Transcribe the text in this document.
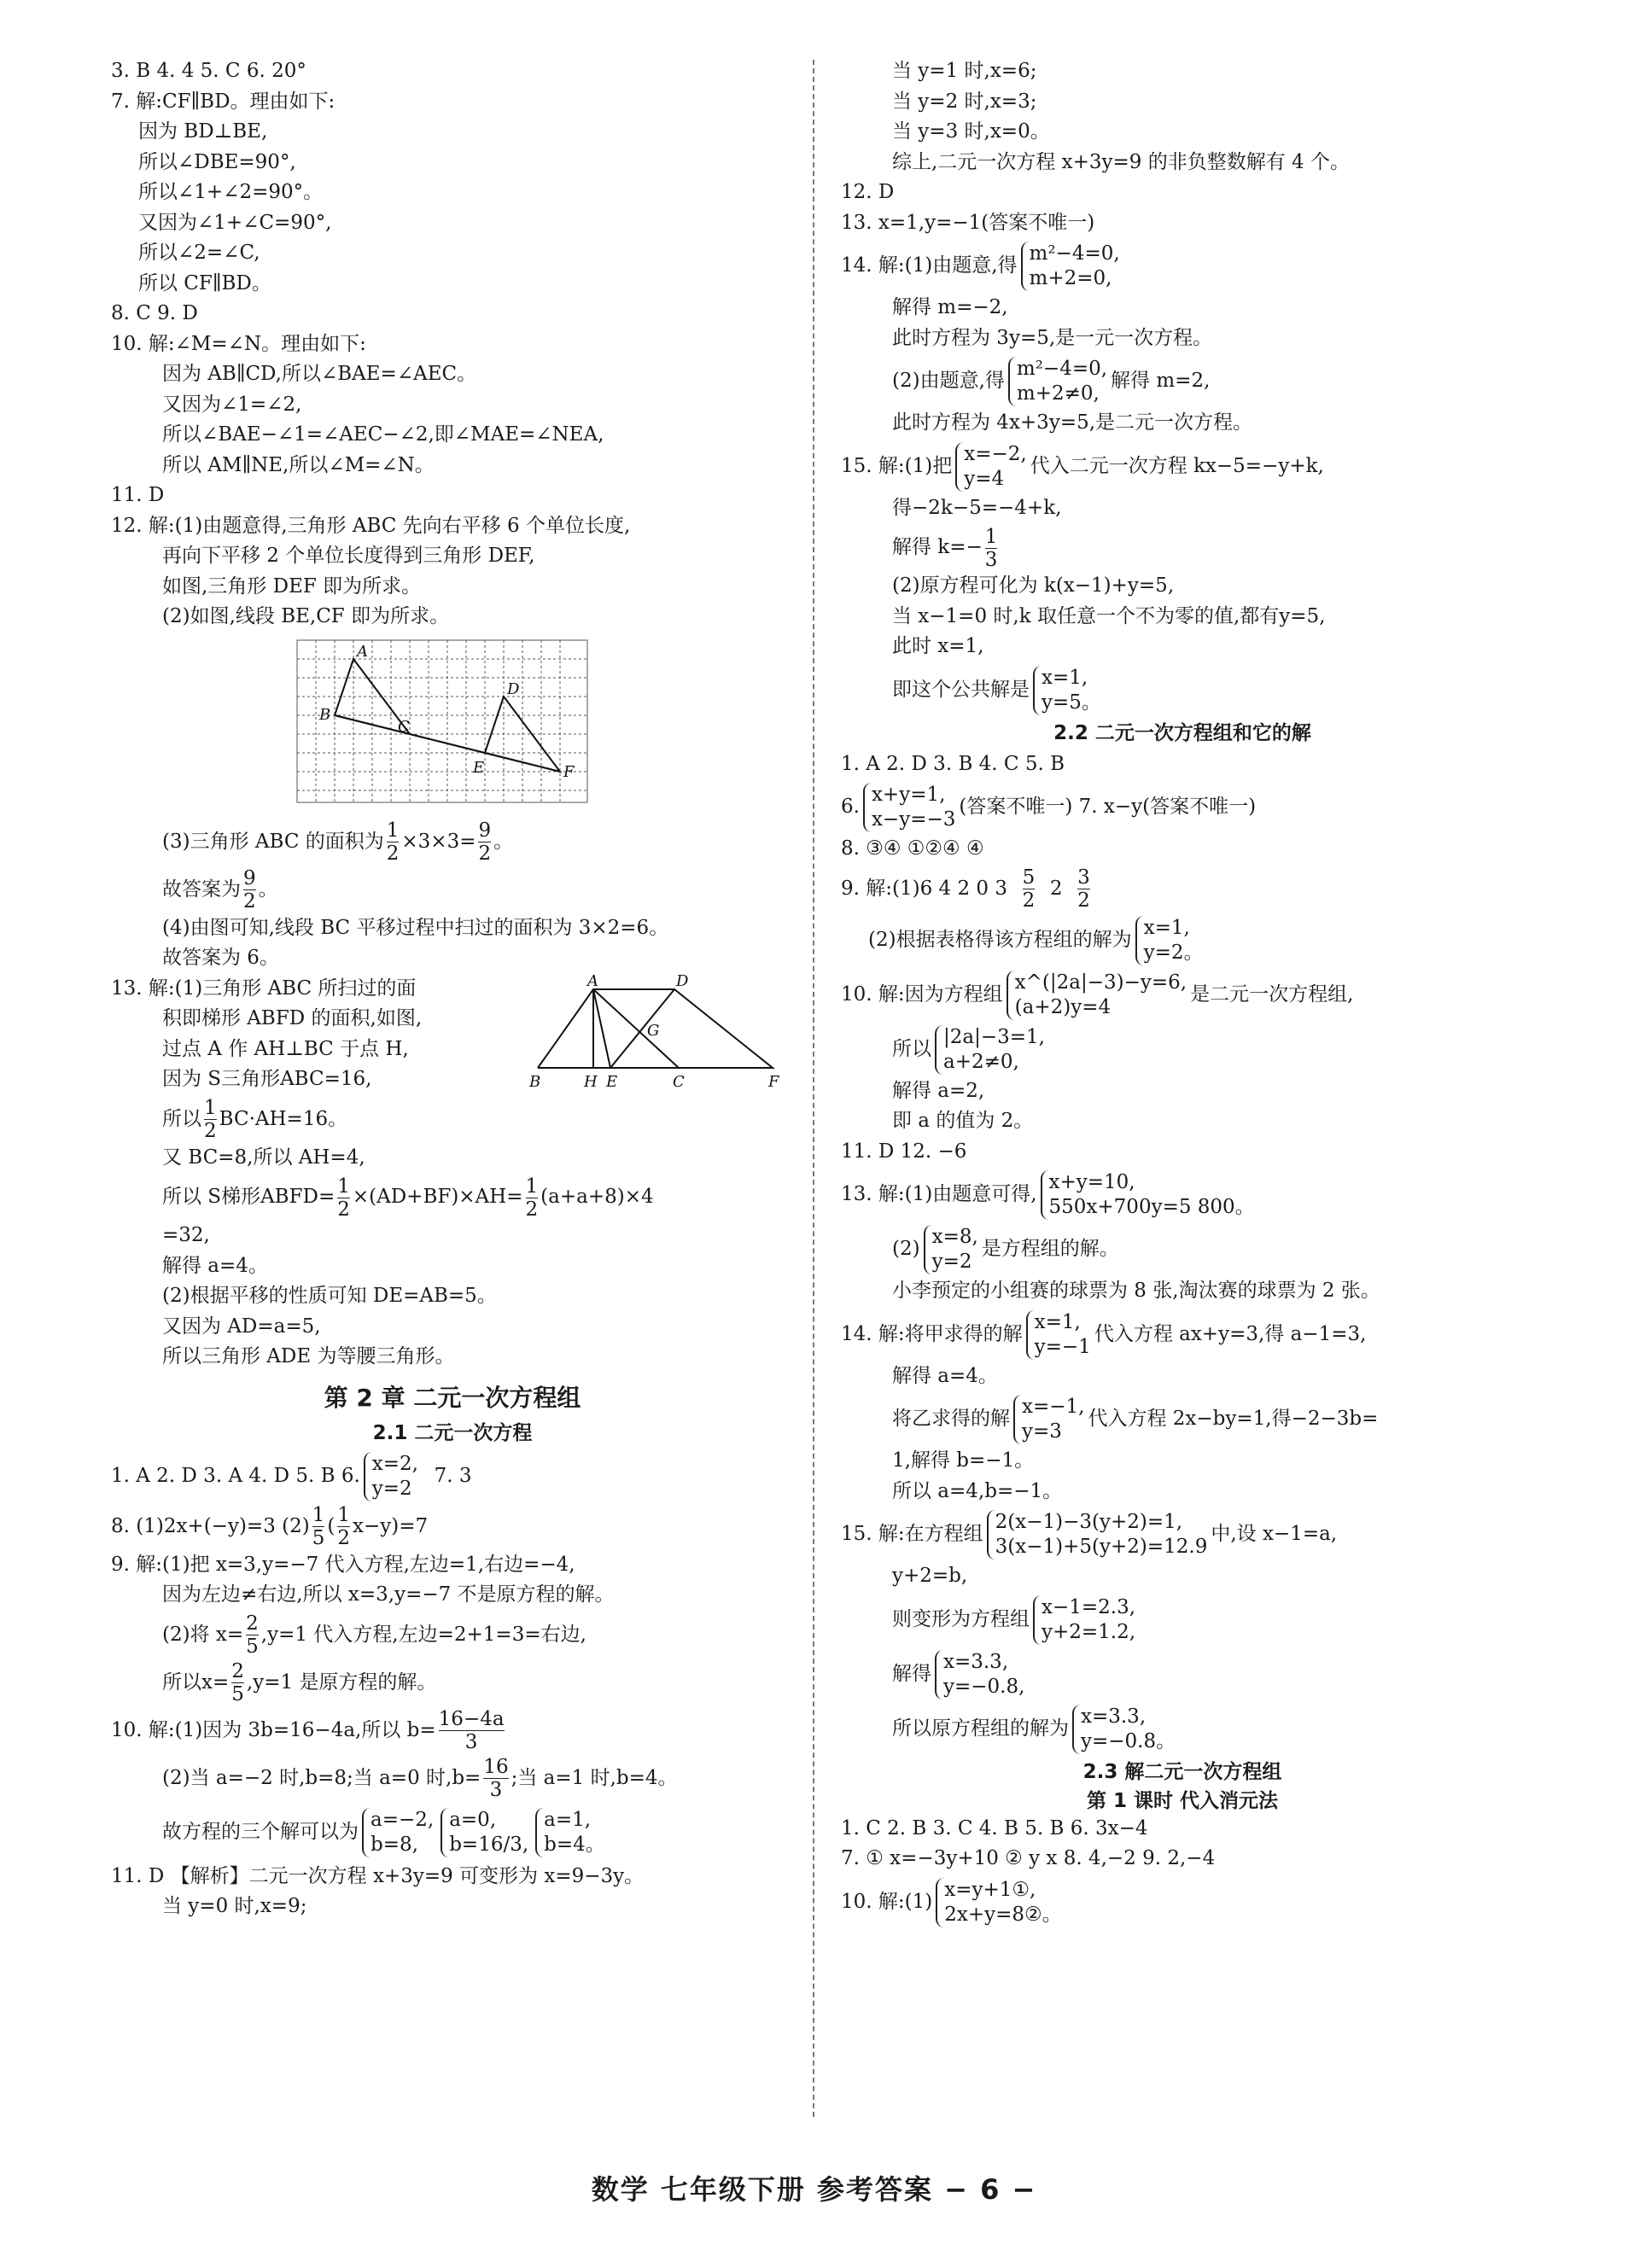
3. B 4. 4 5. C 6. 20°
7. 解:CF∥BD。理由如下:
因为 BD⊥BE,
所以∠DBE=90°,
所以∠1+∠2=90°。
又因为∠1+∠C=90°,
所以∠2=∠C,
所以 CF∥BD。
8. C 9. D
10. 解:∠M=∠N。理由如下:
因为 AB∥CD,所以∠BAE=∠AEC。
又因为∠1=∠2,
所以∠BAE−∠1=∠AEC−∠2,即∠MAE=∠NEA,
所以 AM∥NE,所以∠M=∠N。
11. D
12. 解:(1)由题意得,三角形 ABC 先向右平移 6 个单位长度,
再向下平移 2 个单位长度得到三角形 DEF,
如图,三角形 DEF 即为所求。
(2)如图,线段 BE,CF 即为所求。
A
B
C
D
E	F
(3)三角形 ABC 的面积为 $\frac{1}{2} \times 3\times 3= \frac{9}{2}$ 。
故答案为 $\frac{9}{2}$ 。
(4)由图可知,线段 BC 平移过程中扫过的面积为 3×2=6。
故答案为 6。
13. 解:(1)三角形 ABC 所扫过的面
积即梯形 ABFD 的面积,如图,
过点 A 作 AH⊥BC 于点 H,
因为 S三角形ABC=16,
A	D
G
B	H E	C	F
所以 $\frac{1}{2} BC\cdot AH=16$。
又 BC=8,所以 AH=4,
所以 S梯形ABFD= $\frac{1}{2} \times(AD+BF)\times AH= \frac{1}{2} (a+a+8)\times 4$
=32,
解得 a=4。
(2)根据平移的性质可知 DE=AB=5。
又因为 AD=a=5,
所以三角形 ADE 为等腰三角形。
第 2 章 二元一次方程组
2.1 二元一次方程
1. A 2. D 3. A 4. D 5. B 6.
x=2,
y=2
7. 3
8. (1)2x+(−y)=3 $(2) \frac{1}{5}$ ( $\frac{1}{2} x-y)=7$
9. 解:(1)把 x=3,y=−7 代入方程,左边=1,右边=−4,
因为左边≠右边,所以 x=3,y=−7 不是原方程的解。
(2)将 $x= \frac{2}{5} ,y=1$ 代入方程,左边=2+1=3=右边,
所以$x= \frac{2}{5} ,y=1$ 是原方程的解。
10. 解:(1)因为 3b=16−4a,所以 $b= \frac{16-4a}{3}$
(2)当 a=−2 时,b=8;当 a=0 时$,b= \frac{16}{3}$ ;当 a=1 时,b=4。
故方程的三个解可以为
a=−2,
b=8,
a=0,
b=16/3,
a=1,
b=4。
11. D 【解析】二元一次方程 x+3y=9 可变形为 x=9−3y。
当 y=0 时,x=9;
当 y=1 时,x=6;
当 y=2 时,x=3;
当 y=3 时,x=0。
综上,二元一次方程 x+3y=9 的非负整数解有 4 个。
12. D
13. x=1,y=−1(答案不唯一)
14. 解:(1)由题意,得
m²−4=0,
m+2=0,
解得 m=−2,
此时方程为 3y=5,是一元一次方程。
(2)由题意,得
m²−4=0,
m+2≠0,
解得 m=2,
此时方程为 4x+3y=5,是二元一次方程。
15. 解:(1)把
x=−2,
y=4
代入二元一次方程 kx−5=−y+k,
得−2k−5=−4+k,
解得 $k=- \frac{1}{3}$
(2)原方程可化为 k(x−1)+y=5,
当 x−1=0 时,k 取任意一个不为零的值,都有y=5,
此时 x=1,
即这个公共解是
x=1,
y=5。
2.2 二元一次方程组和它的解
1. A 2. D 3. B 4. C 5. B
6.
x+y=1,
x−y=−3
(答案不唯一) 7. x−y(答案不唯一)
8. ③④ ①②④ ④
9. 解:(1)6 4 2 0 $3 \frac{5}{2} 2 \frac{3}{2}$
(2)根据表格得该方程组的解为
x=1,
y=2。
10. 解:因为方程组
x^(|2a|−3)−y=6,
(a+2)y=4
是二元一次方程组,
所以
|2a|−3=1,
a+2≠0,
解得 a=2,
即 a 的值为 2。
11. D 12. −6
13. 解:(1)由题意可得,
x+y=10,
550x+700y=5 800。
(2)
x=8,
y=2
是方程组的解。
小李预定的小组赛的球票为 8 张,淘汰赛的球票为 2 张。
14. 解:将甲求得的解
x=1,
y=−1
代入方程 ax+y=3,得 a−1=3,
解得 a=4。
将乙求得的解
x=−1,
y=3
代入方程 2x−by=1,得−2−3b=
1,解得 b=−1。
所以 a=4,b=−1。
15. 解:在方程组
2(x−1)−3(y+2)=1,
3(x−1)+5(y+2)=12.9
中,设 x−1=a,
y+2=b,
则变形为方程组
x−1=2.3,
y+2=1.2,
解得
x=3.3,
y=−0.8,
所以原方程组的解为
x=3.3,
y=−0.8。
2.3 解二元一次方程组
第 1 课时 代入消元法
1. C 2. B 3. C 4. B 5. B 6. 3x−4
7. ① x=−3y+10 ② y x 8. 4,−2 9. 2,−4
10. 解:(1)
x=y+1①,
2x+y=8②。
数学 七年级下册 参考答案 − 6 −
